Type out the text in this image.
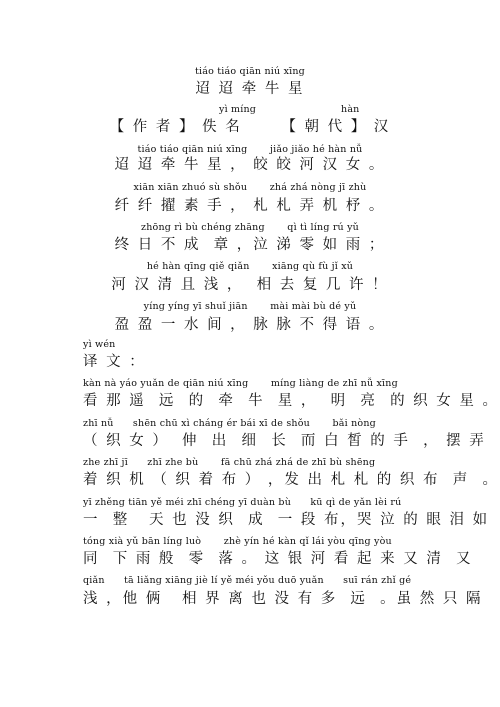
tiáo tiáo qiān niú xīng
迢 迢 牵 牛 星
yì míng	hàn
【 作 者 】 佚 名      【 朝 代 】 汉
tiáo tiáo qiān niú xīng       jiǎo jiǎo hé hàn nǚ
迢 迢 牵 牛 星 ， 皎 皎 河 汉 女 。
xiān xiān zhuó sù shǒu       zhá zhá nòng jī zhù
纤 纤 擢 素 手 ， 札 札 弄 机 杼 。
zhōng rì bù chéng zhāng       qì tì líng rú yǔ
终 日 不 成  章 ，泣 涕 零 如 雨 ；
hé hàn qīng qiě qiǎn       xiāng qù fù jǐ xǔ
河 汉 清 且 浅 ，  相 去 复 几 许 ！
yíng yíng yī shuǐ jiān       mài mài bù dé yǔ
盈 盈 一 水 间 ， 脉 脉 不 得 语 。
yì wén
译 文 ：
kàn nà yáo yuǎn de qiān niú xīng       míng liàng de zhī nǚ xīng
看 那 遥  远  的  牵  牛  星 ，  明  亮  的 织 女 星 。
zhī nǚ      shēn chū xì cháng ér bái xī de shǒu       bǎi nòng
（ 织 女 ）  伸  出  细  长  而 白 皙 的 手  ， 摆 弄
zhe zhī jī      zhī zhe bù       fā chū zhá zhá de zhī bù shēng
着 织 机 （ 织 着 布 ） ，发 出 札 札 的 织 布  声  。
yī zhěng tiān yě méi zhī chéng yī duàn bù      kū qì de yǎn lèi rú
一  整   天 也 没 织  成  一 段 布，哭 泣 的 眼 泪 如
tóng xià yǔ bān líng luò       zhè yín hé kàn qǐ lái yòu qīng yòu
同  下 雨 般  零  落 。 这 银 河 看 起 来 又 清  又
qiǎn      tā liǎng xiāng jiè lí yě méi yǒu duō yuǎn      suī rán zhǐ gé
浅 ，他 俩   相 界 离 也 没 有 多  远  。虽 然 只 隔
